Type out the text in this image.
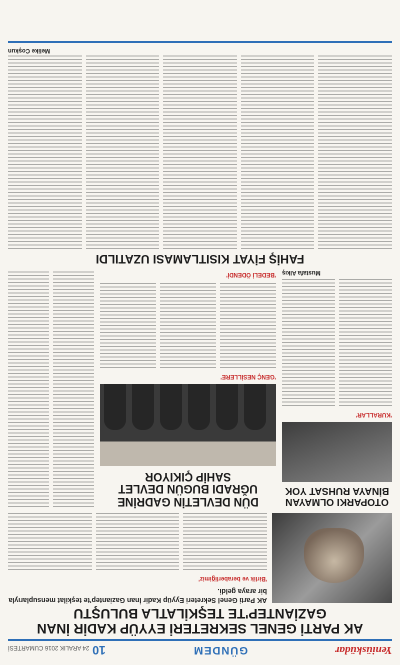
Yeniüsküdar
GÜNDEM
1024 ARALIK 2016 CUMARTESİ
AK PARTİ GENEL SEKRETERİ EYYÜP KADİR İNAN GAZİANTEP'TE TEŞKİLATLA BULUŞTU
AK Parti Genel Sekreteri Eyyüp Kadir İnan Gaziantep'te teşkilat mensuplarıyla bir araya geldi.
'Birlik ve beraberliğimiz'
OTOPARKI OLMAYAN BİNAYA RUHSAT YOK
'KURALLAR'
Mustafa Alkış
DÜN DEVLETİN GADRİNE UĞRADI BUGÜN DEVLET SAHİP ÇIKIYOR
'GENÇ NESİLLERE'
'BEDELİ ÖDENDİ'
FAHİŞ FİYAT KISITLAMASI UZATILDI
Melike Coşkun
